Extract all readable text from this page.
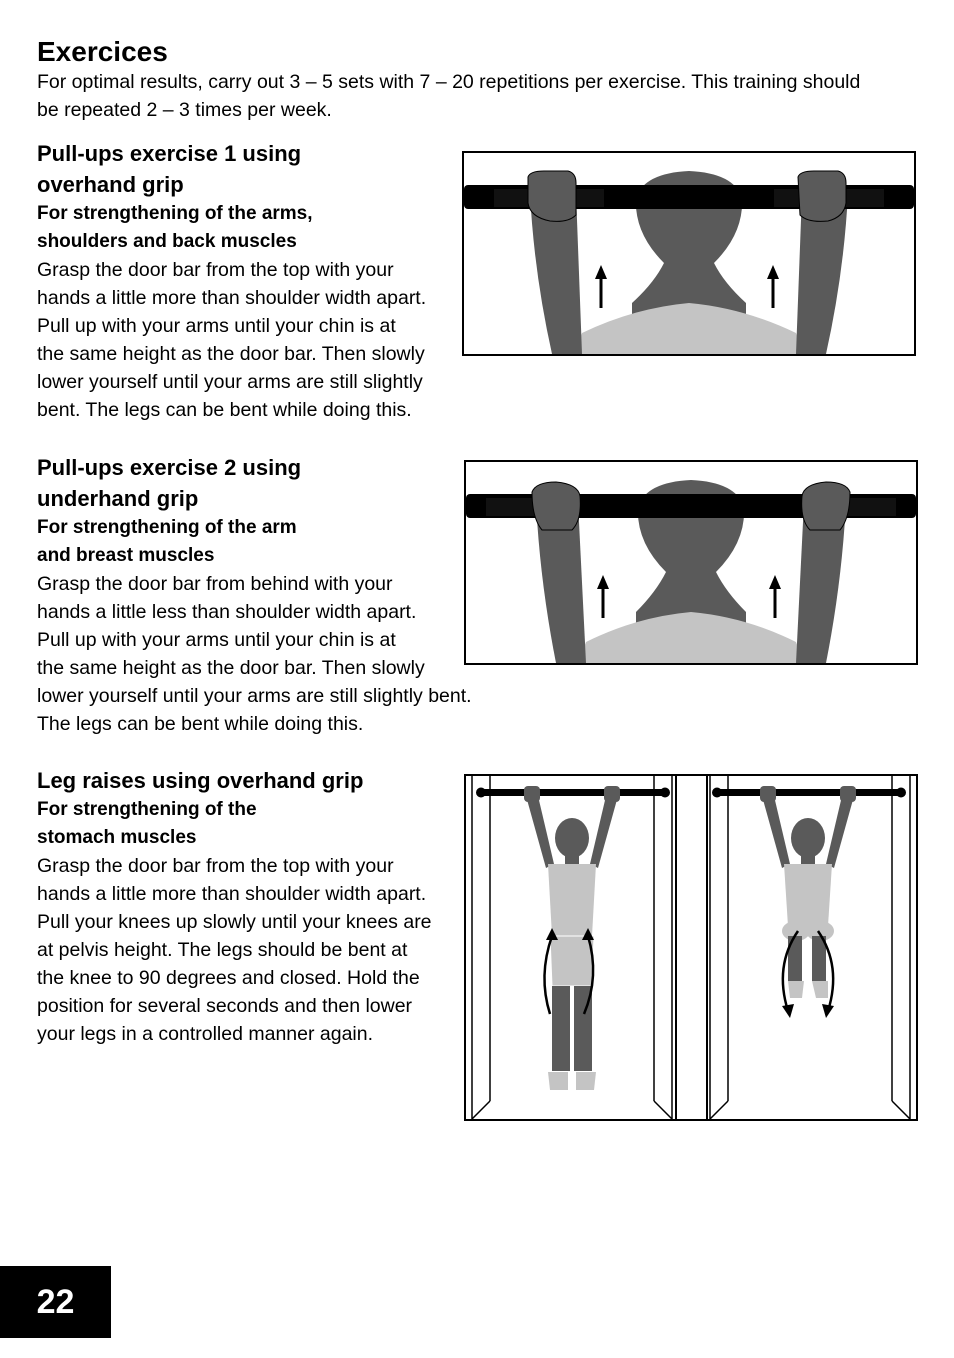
Exercices
For optimal results, carry out 3 – 5 sets with 7 – 20 repetitions per exercise. This training should
be repeated 2 – 3 times per week.
Pull-ups exercise 1 using
overhand grip
For strengthening of the arms,
shoulders and back muscles
Grasp the door bar from the top with your
hands a little more than shoulder width apart.
Pull up with your arms until your chin is at
the same height as the door bar. Then slowly
lower yourself until your arms are still slightly
bent. The legs can be bent while doing this.
Pull-ups exercise 2 using
underhand grip
For strengthening of the arm
and breast muscles
Grasp the door bar from behind with your
hands a little less than shoulder width apart.
Pull up with your arms until your chin is at
the same height as the door bar. Then slowly
lower yourself until your arms are still slightly bent.
The legs can be bent while doing this.
Leg raises using overhand grip
For strengthening of the
stomach muscles
Grasp the door bar from the top with your
hands a little more than shoulder width apart.
Pull your knees up slowly until your knees are
at pelvis height. The legs should be bent at
the knee to 90 degrees and closed. Hold the
position for several seconds and then lower
your legs in a controlled manner again.
22
